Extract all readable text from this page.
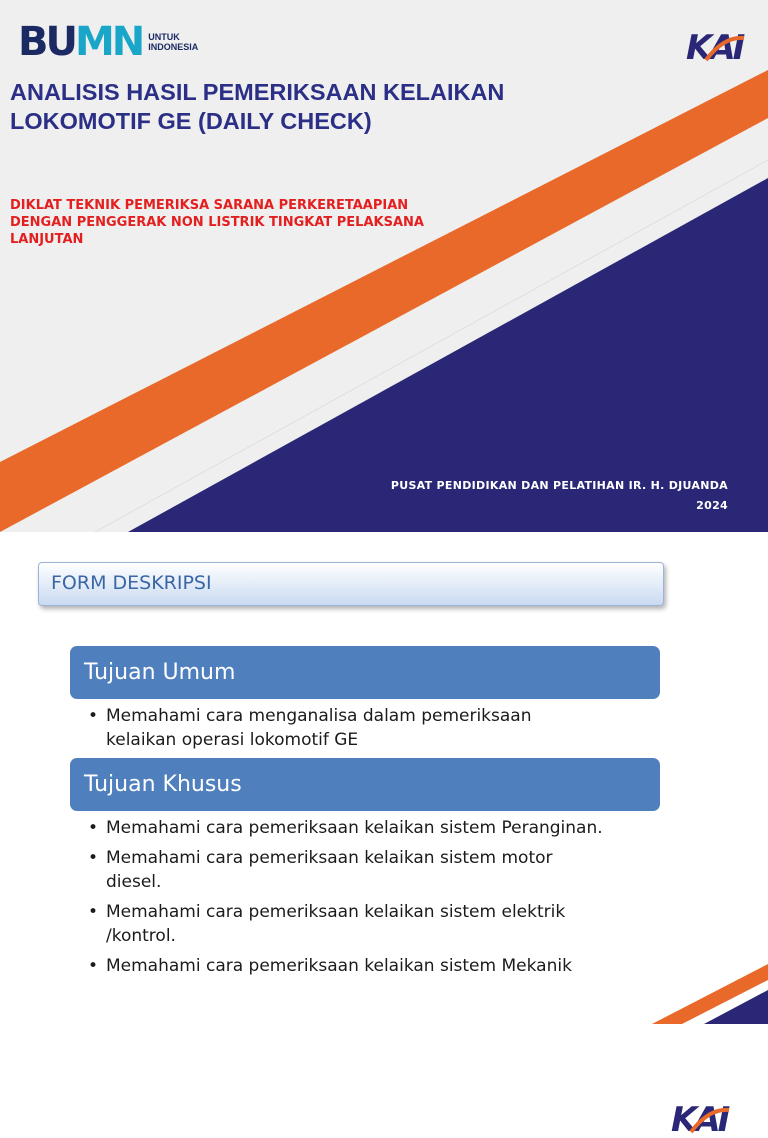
BUMN UNTUK
INDONESIA	KAI
ANALISIS HASIL PEMERIKSAAN KELAIKAN
LOKOMOTIF GE (DAILY CHECK)

DIKLAT TEKNIK PEMERIKSA SARANA PERKERETAAPIAN
DENGAN PENGGERAK NON LISTRIK TINGKAT PELAKSANA
LANJUTAN

PUSAT PENDIDIKAN DAN PELATIHAN IR. H. DJUANDA
2024
FORM DESKRIPSI
KAI
Tujuan Umum
• Memahami cara menganalisa dalam pemeriksaan
kelaikan operasi lokomotif GE
Tujuan Khusus
• Memahami cara pemeriksaan kelaikan sistem Peranginan.
• Memahami cara pemeriksaan kelaikan sistem motor
diesel.
• Memahami cara pemeriksaan kelaikan sistem elektrik
/kontrol.
• Memahami cara pemeriksaan kelaikan sistem Mekanik
